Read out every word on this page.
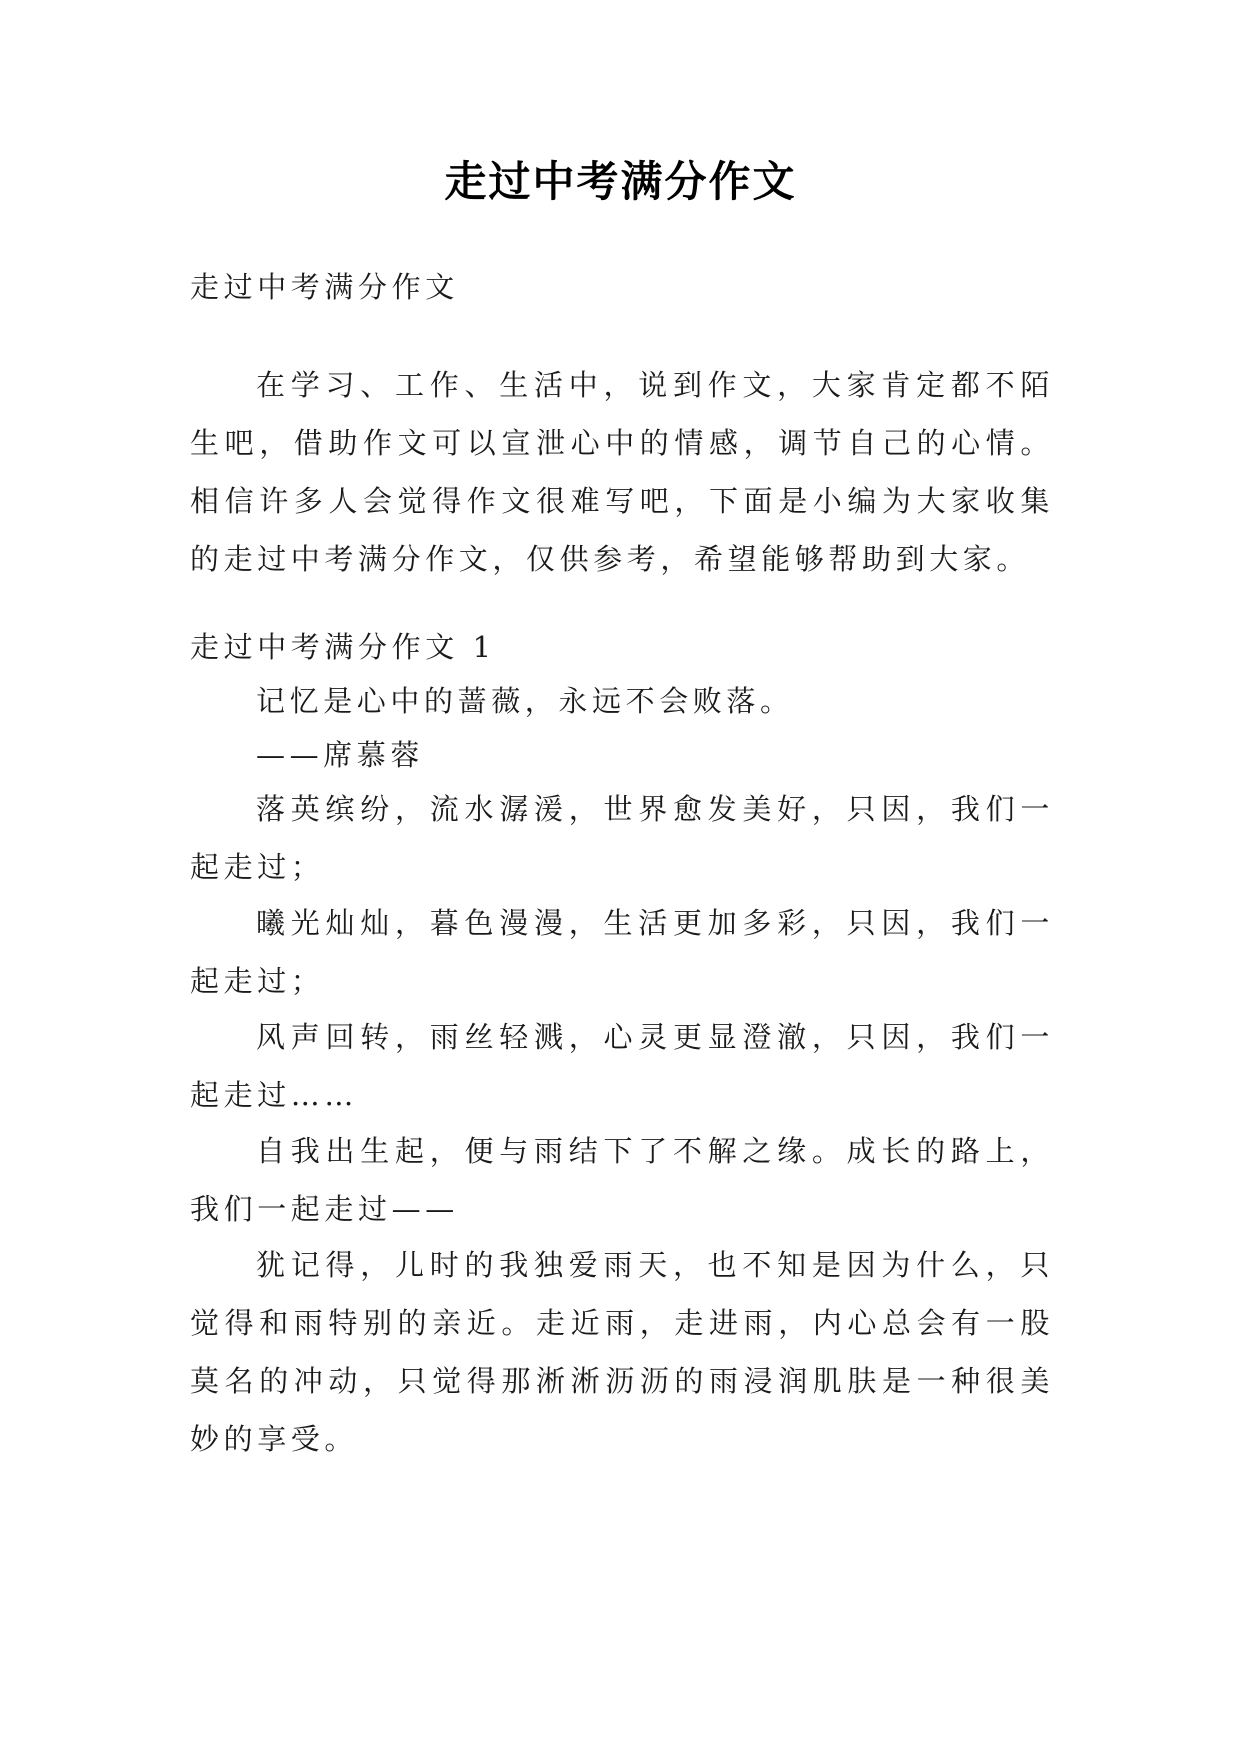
走过中考满分作文

走过中考满分作文

在学习、工作、生活中，说到作文，大家肯定都不陌生吧，借助作文可以宣泄心中的情感，调节自己的心情。相信许多人会觉得作文很难写吧，下面是小编为大家收集的走过中考满分作文，仅供参考，希望能够帮助到大家。

走过中考满分作文 1

记忆是心中的蔷薇，永远不会败落。

——席慕蓉

落英缤纷，流水潺湲，世界愈发美好，只因，我们一起走过；

曦光灿灿，暮色漫漫，生活更加多彩，只因，我们一起走过；

风声回转，雨丝轻溅，心灵更显澄澈，只因，我们一起走过……

自我出生起，便与雨结下了不解之缘。成长的路上，我们一起走过——

犹记得，儿时的我独爱雨天，也不知是因为什么，只觉得和雨特别的亲近。走近雨，走进雨，内心总会有一股莫名的冲动，只觉得那淅淅沥沥的雨浸润肌肤是一种很美妙的享受。
